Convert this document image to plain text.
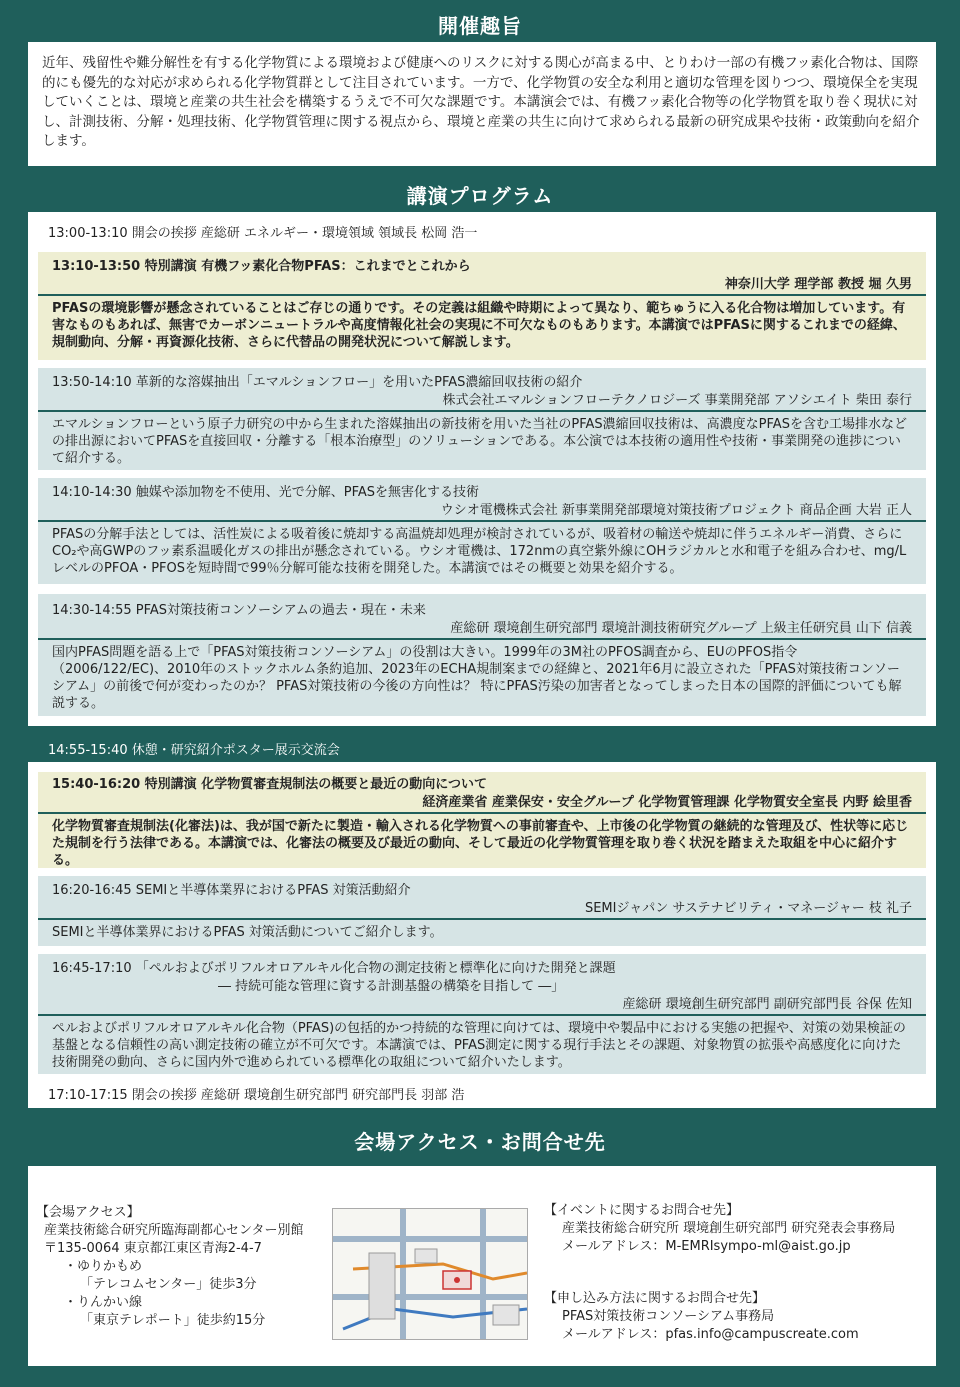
開催趣旨
近年、残留性や難分解性を有する化学物質による環境および健康へのリスクに対する関心が高まる中、とりわけ一部の有機フッ素化合物は、国際的にも優先的な対応が求められる化学物質群として注目されています。一方で、化学物質の安全な利用と適切な管理を図りつつ、環境保全を実現していくことは、環境と産業の共生社会を構築するうえで不可欠な課題です。本講演会では、有機フッ素化合物等の化学物質を取り巻く現状に対し、計測技術、分解・処理技術、化学物質管理に関する視点から、環境と産業の共生に向けて求められる最新の研究成果や技術・政策動向を紹介します。
講演プログラム
13:00-13:10 開会の挨拶 産総研 エネルギー・環境領域 領域長 松岡 浩一
13:10-13:50 特別講演 有機フッ素化合物PFAS：これまでとこれから
神奈川大学 理学部 教授 堀 久男
PFASの環境影響が懸念されていることはご存じの通りです。その定義は組織や時期によって異なり、範ちゅうに入る化合物は増加しています。有害なものもあれば、無害でカーボンニュートラルや高度情報化社会の実現に不可欠なものもあります。本講演ではPFASに関するこれまでの経緯、規制動向、分解・再資源化技術、さらに代替品の開発状況について解説します。
13:50-14:10 革新的な溶媒抽出「エマルションフロー」を用いたPFAS濃縮回収技術の紹介
株式会社エマルションフローテクノロジーズ 事業開発部 アソシエイト 柴田 泰行
エマルションフローという原子力研究の中から生まれた溶媒抽出の新技術を用いた当社のPFAS濃縮回収技術は、高濃度なPFASを含む工場排水などの排出源においてPFASを直接回収・分離する「根本治療型」のソリューションである。本公演では本技術の適用性や技術・事業開発の進捗について紹介する。
14:10-14:30 触媒や添加物を不使用、光で分解、PFASを無害化する技術
ウシオ電機株式会社 新事業開発部環境対策技術プロジェクト 商品企画 大岩 正人
PFASの分解手法としては、活性炭による吸着後に焼却する高温焼却処理が検討されているが、吸着材の輸送や焼却に伴うエネルギー消費、さらにCO₂や高GWPのフッ素系温暖化ガスの排出が懸念されている。ウシオ電機は、172nmの真空紫外線にOHラジカルと水和電子を組み合わせ、mg/LレベルのPFOA・PFOSを短時間で99％分解可能な技術を開発した。本講演ではその概要と効果を紹介する。
14:30-14:55 PFAS対策技術コンソーシアムの過去・現在・未来
産総研 環境創生研究部門 環境計測技術研究グループ 上級主任研究員 山下 信義
国内PFAS問題を語る上で「PFAS対策技術コンソーシアム」の役割は大きい。1999年の3M社のPFOS調査から、EUのPFOS指令（2006/122/EC)、2010年のストックホルム条約追加、2023年のECHA規制案までの経緯と、2021年6月に設立された「PFAS対策技術コンソーシアム」の前後で何が変わったのか？ PFAS対策技術の今後の方向性は？ 特にPFAS汚染の加害者となってしまった日本の国際的評価についても解説する。
14:55-15:40 休憩・研究紹介ポスター展示交流会
15:40-16:20 特別講演 化学物質審査規制法の概要と最近の動向について
経済産業省 産業保安・安全グループ 化学物質管理課 化学物質安全室長 内野 絵里香
化学物質審査規制法(化審法)は、我が国で新たに製造・輸入される化学物質への事前審査や、上市後の化学物質の継続的な管理及び、性状等に応じた規制を行う法律である。本講演では、化審法の概要及び最近の動向、そして最近の化学物質管理を取り巻く状況を踏まえた取組を中心に紹介する。
16:20-16:45 SEMIと半導体業界におけるPFAS 対策活動紹介
SEMIジャパン サステナビリティ・マネージャー 枝 礼子
SEMIと半導体業界におけるPFAS 対策活動についてご紹介します。
16:45-17:10 「ペルおよびポリフルオロアルキル化合物の測定技術と標準化に向けた開発と課題
― 持続可能な管理に資する計測基盤の構築を目指して ―」
産総研 環境創生研究部門 副研究部門長 谷保 佐知
ペルおよびポリフルオロアルキル化合物（PFAS)の包括的かつ持続的な管理に向けては、環境中や製品中における実態の把握や、対策の効果検証の基盤となる信頼性の高い測定技術の確立が不可欠です。本講演では、PFAS測定に関する現行手法とその課題、対象物質の拡張や高感度化に向けた技術開発の動向、さらに国内外で進められている標準化の取組について紹介いたします。
17:10-17:15 閉会の挨拶 産総研 環境創生研究部門 研究部門長 羽部 浩
会場アクセス・お問合せ先
【会場アクセス】
産業技術総合研究所臨海副都心センター別館
〒135-0064 東京都江東区青海2-4-7
・ゆりかもめ
「テレコムセンター」徒歩3分
・りんかい線
「東京テレポート」徒歩約15分
【イベントに関するお問合せ先】
産業技術総合研究所 環境創生研究部門 研究発表会事務局
メールアドレス：M-EMRIsympo-ml@aist.go.jp
【申し込み方法に関するお問合せ先】
PFAS対策技術コンソーシアム事務局
メールアドレス：pfas.info@campuscreate.com
